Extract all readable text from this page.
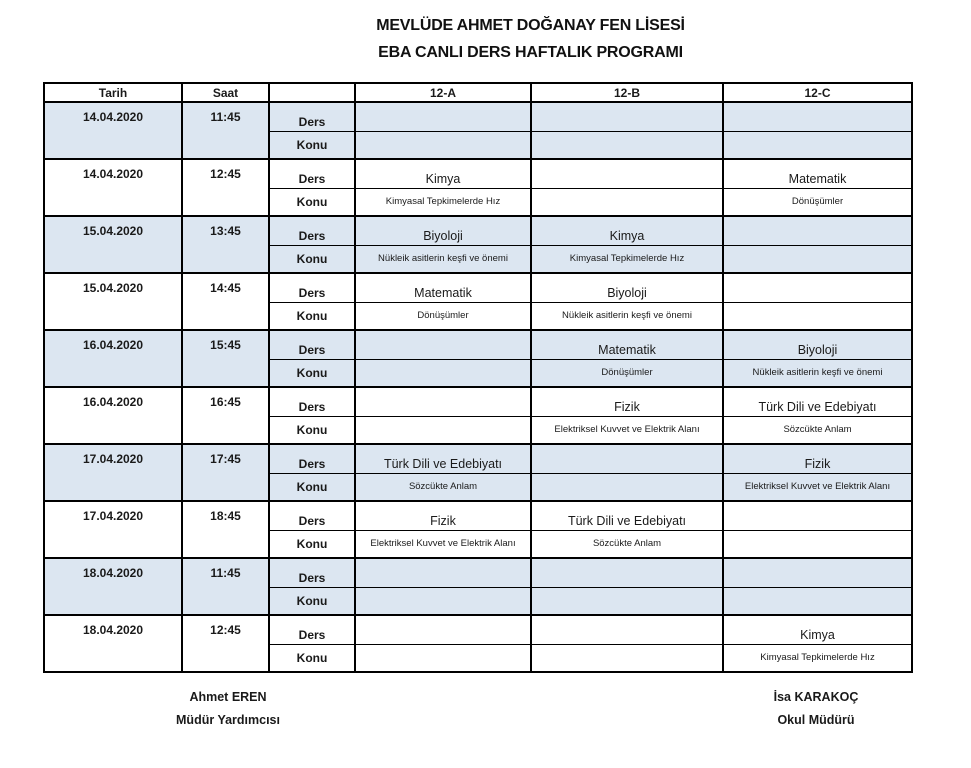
MEVLÜDE AHMET DOĞANAY FEN LİSESİ
EBA CANLI DERS HAFTALIK PROGRAMI
Tarih	Saat		12-A	12-B	12-C

14.04.2020	11:45	Ders			
		Konu			

14.04.2020	12:45	Ders	Kimya		Matematik
		Konu	Kimyasal Tepkimelerde Hız		Dönüşümler

15.04.2020	13:45	Ders	Biyoloji	Kimya	
		Konu	Nükleik asitlerin keşfi ve önemi	Kimyasal Tepkimelerde Hız	

15.04.2020	14:45	Ders	Matematik	Biyoloji	
		Konu	Dönüşümler	Nükleik asitlerin keşfi ve önemi	

16.04.2020	15:45	Ders		Matematik	Biyoloji
		Konu		Dönüşümler	Nükleik asitlerin keşfi ve önemi

16.04.2020	16:45	Ders		Fizik	Türk Dili ve Edebiyatı
		Konu		Elektriksel Kuvvet ve Elektrik Alanı	Sözcükte Anlam

17.04.2020	17:45	Ders	Türk Dili ve Edebiyatı		Fizik
		Konu	Sözcükte Anlam		Elektriksel Kuvvet ve Elektrik Alanı

17.04.2020	18:45	Ders	Fizik	Türk Dili ve Edebiyatı	
		Konu	Elektriksel Kuvvet ve Elektrik Alanı	Sözcükte Anlam	

18.04.2020	11:45	Ders			
		Konu			

18.04.2020	12:45	Ders			Kimya
		Konu			Kimyasal Tepkimelerde Hız
Ahmet EREN
Müdür Yardımcısı
İsa KARAKOÇ
Okul Müdürü
